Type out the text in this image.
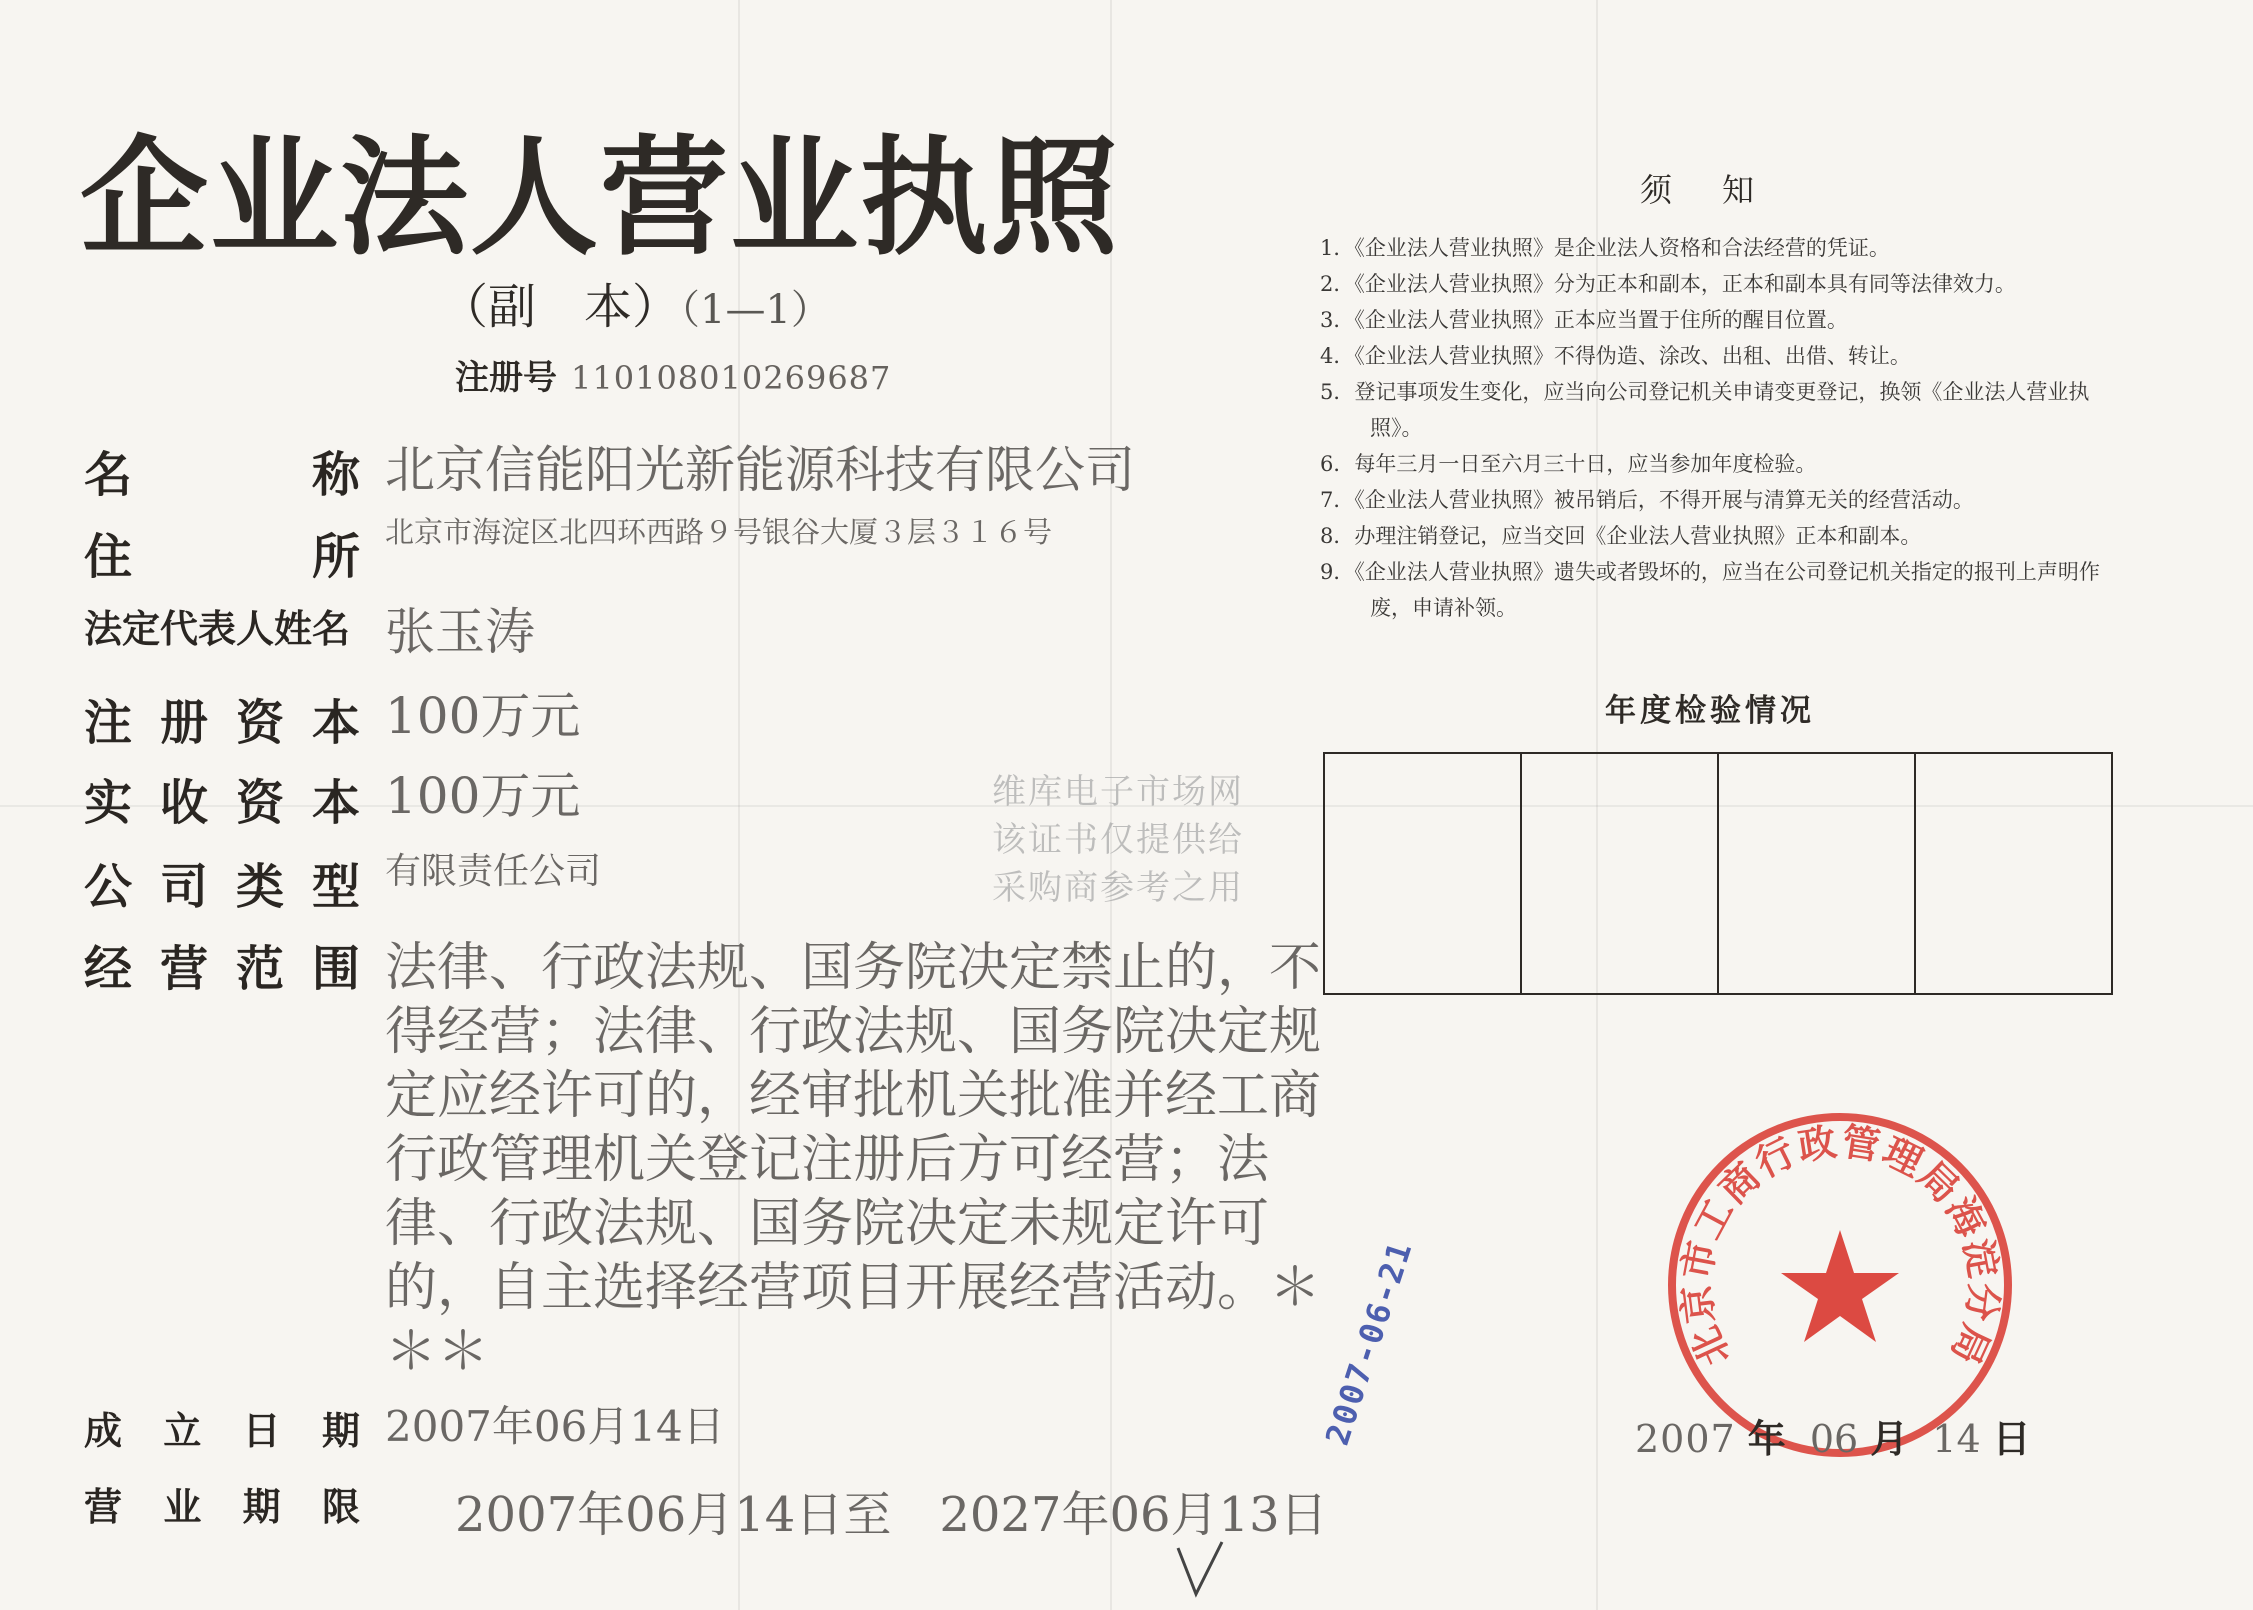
企业法人营业执照
（副　本）（1—1）
注册号 110108010269687
名	称 北京信能阳光新能源科技有限公司
住	所 北京市海淀区北四环西路９号银谷大厦３层３１６号
法定代表人姓名 张玉涛
注 册 资 本 100万元
实 收 资 本 100万元
公 司 类 型 有限责任公司
经 营 范 围 法律、行政法规、国务院决定禁止的，不得经营；法律、行政法规、国务院决定规定应经许可的，经审批机关批准并经工商行政管理机关登记注册后方可经营；法律、行政法规、国务院决定未规定许可的，自主选择经营项目开展经营活动。＊＊＊
成 立 日 期 2007年06月14日
营 业 期 限 2007年06月14日至　2027年06月13日
须知
1．《企业法人营业执照》是企业法人资格和合法经营的凭证。
2．《企业法人营业执照》分为正本和副本，正本和副本具有同等法律效力。
3．《企业法人营业执照》正本应当置于住所的醒目位置。
4．《企业法人营业执照》不得伪造、涂改、出租、出借、转让。
5．登记事项发生变化，应当向公司登记机关申请变更登记，换领《企业法人营业执照》。
6．每年三月一日至六月三十日，应当参加年度检验。
7．《企业法人营业执照》被吊销后，不得开展与清算无关的经营活动。
8．办理注销登记，应当交回《企业法人营业执照》正本和副本。
9．《企业法人营业执照》遗失或者毁坏的，应当在公司登记机关指定的报刊上声明作废，申请补领。
年度检验情况
维库电子市场网
该证书仅提供给
采购商参考之用
北京市工商行政管理局海淀分局
2007 年 06 月 14 日
2007-06-21
